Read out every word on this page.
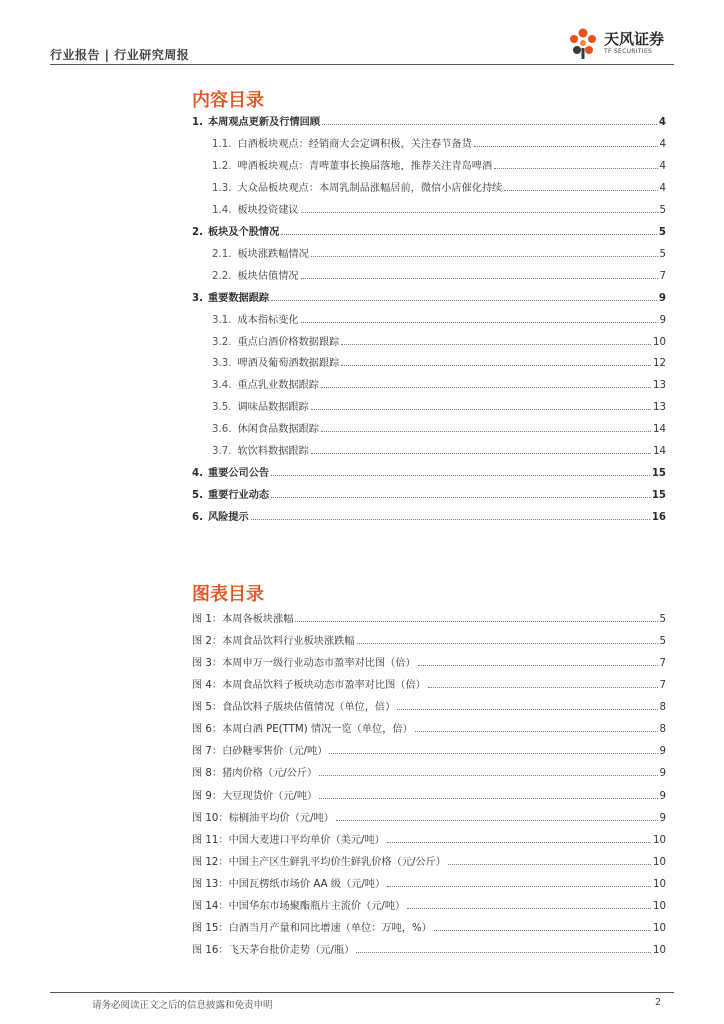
行业报告 | 行业研究周报
天风证券
TF SECURITIES
内容目录
1. 本周观点更新及行情回顾	4
1.1. 白酒板块观点：经销商大会定调积极，关注春节备货	4
1.2. 啤酒板块观点：青啤董事长换届落地，推荐关注青岛啤酒	4
1.3. 大众品板块观点：本周乳制品涨幅居前，微信小店催化持续	4
1.4. 板块投资建议	5
2. 板块及个股情况	5
2.1. 板块涨跌幅情况	5
2.2. 板块估值情况	7
3. 重要数据跟踪	9
3.1. 成本指标变化	9
3.2. 重点白酒价格数据跟踪	10
3.3. 啤酒及葡萄酒数据跟踪	12
3.4. 重点乳业数据跟踪	13
3.5. 调味品数据跟踪	13
3.6. 休闲食品数据跟踪	14
3.7. 软饮料数据跟踪	14
4. 重要公司公告	15
5. 重要行业动态	15
6. 风险提示	16
图表目录
图 1：本周各板块涨幅	5
图 2：本周食品饮料行业板块涨跌幅	5
图 3：本周申万一级行业动态市盈率对比图（倍）	7
图 4：本周食品饮料子板块动态市盈率对比图（倍）	7
图 5：食品饮料子版块估值情况（单位，倍）	8
图 6：本周白酒 PE(TTM) 情况一览（单位，倍）	8
图 7：白砂糖零售价（元/吨）	9
图 8：猪肉价格（元/公斤）	9
图 9：大豆现货价（元/吨）	9
图 10：棕榈油平均价（元/吨）	9
图 11：中国大麦进口平均单价（美元/吨）	10
图 12：中国主产区生鲜乳平均价生鲜乳价格（元/公斤）	10
图 13：中国瓦楞纸市场价 AA 级（元/吨）	10
图 14：中国华东市场聚酯瓶片主流价（元/吨）	10
图 15：白酒当月产量和同比增速（单位：万吨，%）	10
图 16：飞天茅台批价走势（元/瓶）	10
请务必阅读正文之后的信息披露和免责申明	2
